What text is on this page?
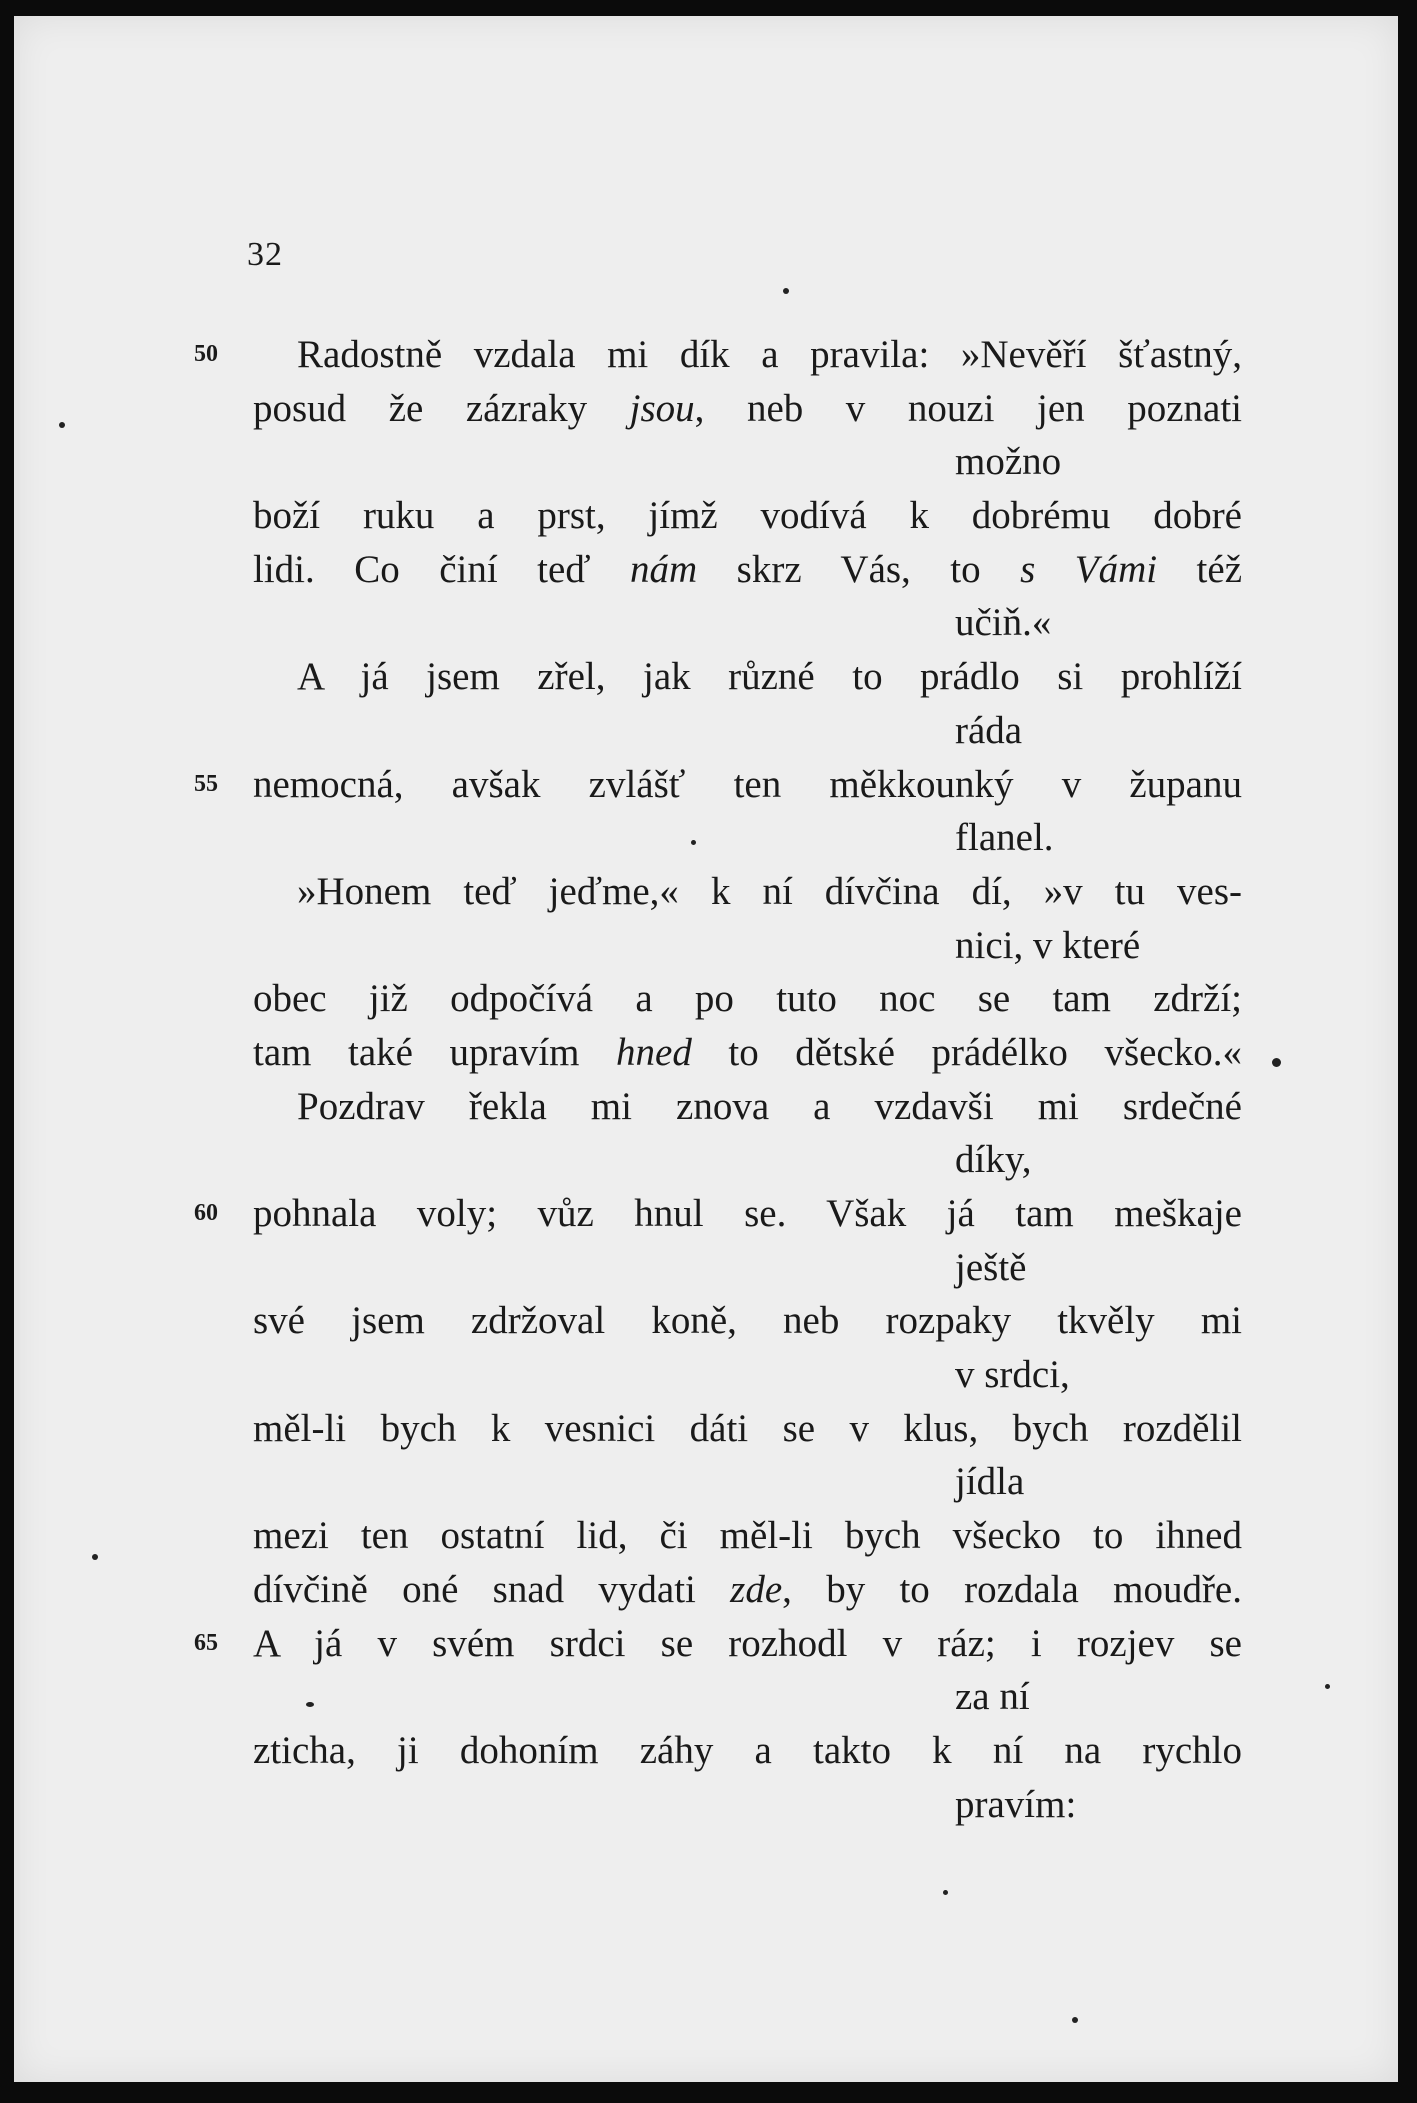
32
50 Radostně vzdala mi dík a pravila: »Nevěří šťastný,
posud že zázraky jsou, neb v nouzi jen poznati
možno
boží ruku a prst, jímž vodívá k dobrému dobré
lidi. Co činí teď nám skrz Vás, to s Vámi též
učiň.«
A já jsem zřel, jak různé to prádlo si prohlíží
ráda
55 nemocná, avšak zvlášť ten měkkounký v županu
flanel.
»Honem teď jeďme,« k ní dívčina dí, »v tu ves-
nici, v které
obec již odpočívá a po tuto noc se tam zdrží;
tam také upravím hned to dětské prádélko všecko.«
Pozdrav řekla mi znova a vzdavši mi srdečné
díky,
60 pohnala voly; vůz hnul se. Však já tam meškaje
ještě
své jsem zdržoval koně, neb rozpaky tkvěly mi
v srdci,
měl-li bych k vesnici dáti se v klus, bych rozdělil
jídla
mezi ten ostatní lid, či měl-li bych všecko to ihned
dívčině oné snad vydati zde, by to rozdala moudře.
65 A já v svém srdci se rozhodl v ráz; i rozjev se
za ní
zticha, ji dohoním záhy a takto k ní na rychlo
pravím:
